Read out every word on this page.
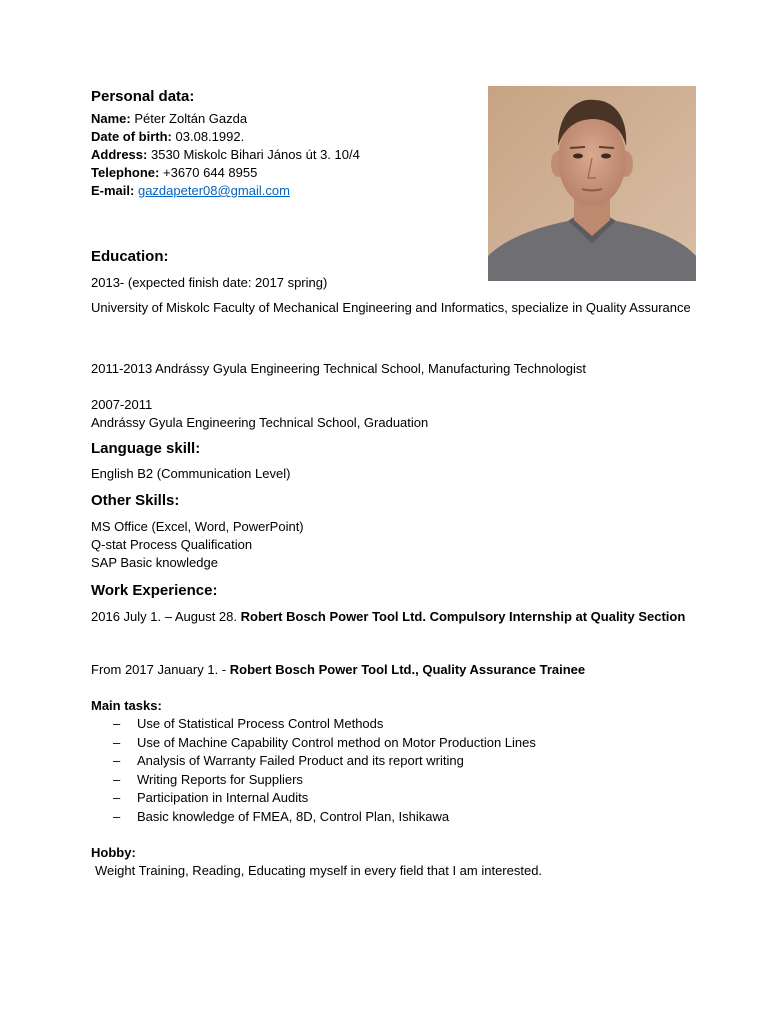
Personal data:

Name: Péter Zoltán Gazda

Date of birth: 03.08.1992.

Address: 3530 Miskolc Bihari János út 3. 10/4

Telephone: +3670 644 8955

E-mail: gazdapeter08@gmail.com

Education:

2013- (expected finish date: 2017 spring)

University of Miskolc Faculty of Mechanical Engineering and Informatics, specialize in Quality Assurance

2011-2013 Andrássy Gyula Engineering Technical School, Manufacturing Technologist

2007-2011

Andrássy Gyula Engineering Technical School, Graduation

Language skill:

English B2 (Communication Level)

Other Skills:

MS Office (Excel, Word, PowerPoint)

Q-stat Process Qualification

SAP Basic knowledge

Work Experience:

2016 July 1. – August 28. Robert Bosch Power Tool Ltd. Compulsory Internship at Quality Section

From 2017 January 1. - Robert Bosch Power Tool Ltd., Quality Assurance Trainee

Main tasks:

– Use of Statistical Process Control Methods
– Use of Machine Capability Control method on Motor Production Lines
– Analysis of Warranty Failed Product and its report writing
– Writing Reports for Suppliers
– Participation in Internal Audits
– Basic knowledge of FMEA, 8D, Control Plan, Ishikawa

Hobby:

Weight Training, Reading, Educating myself in every field that I am interested.
